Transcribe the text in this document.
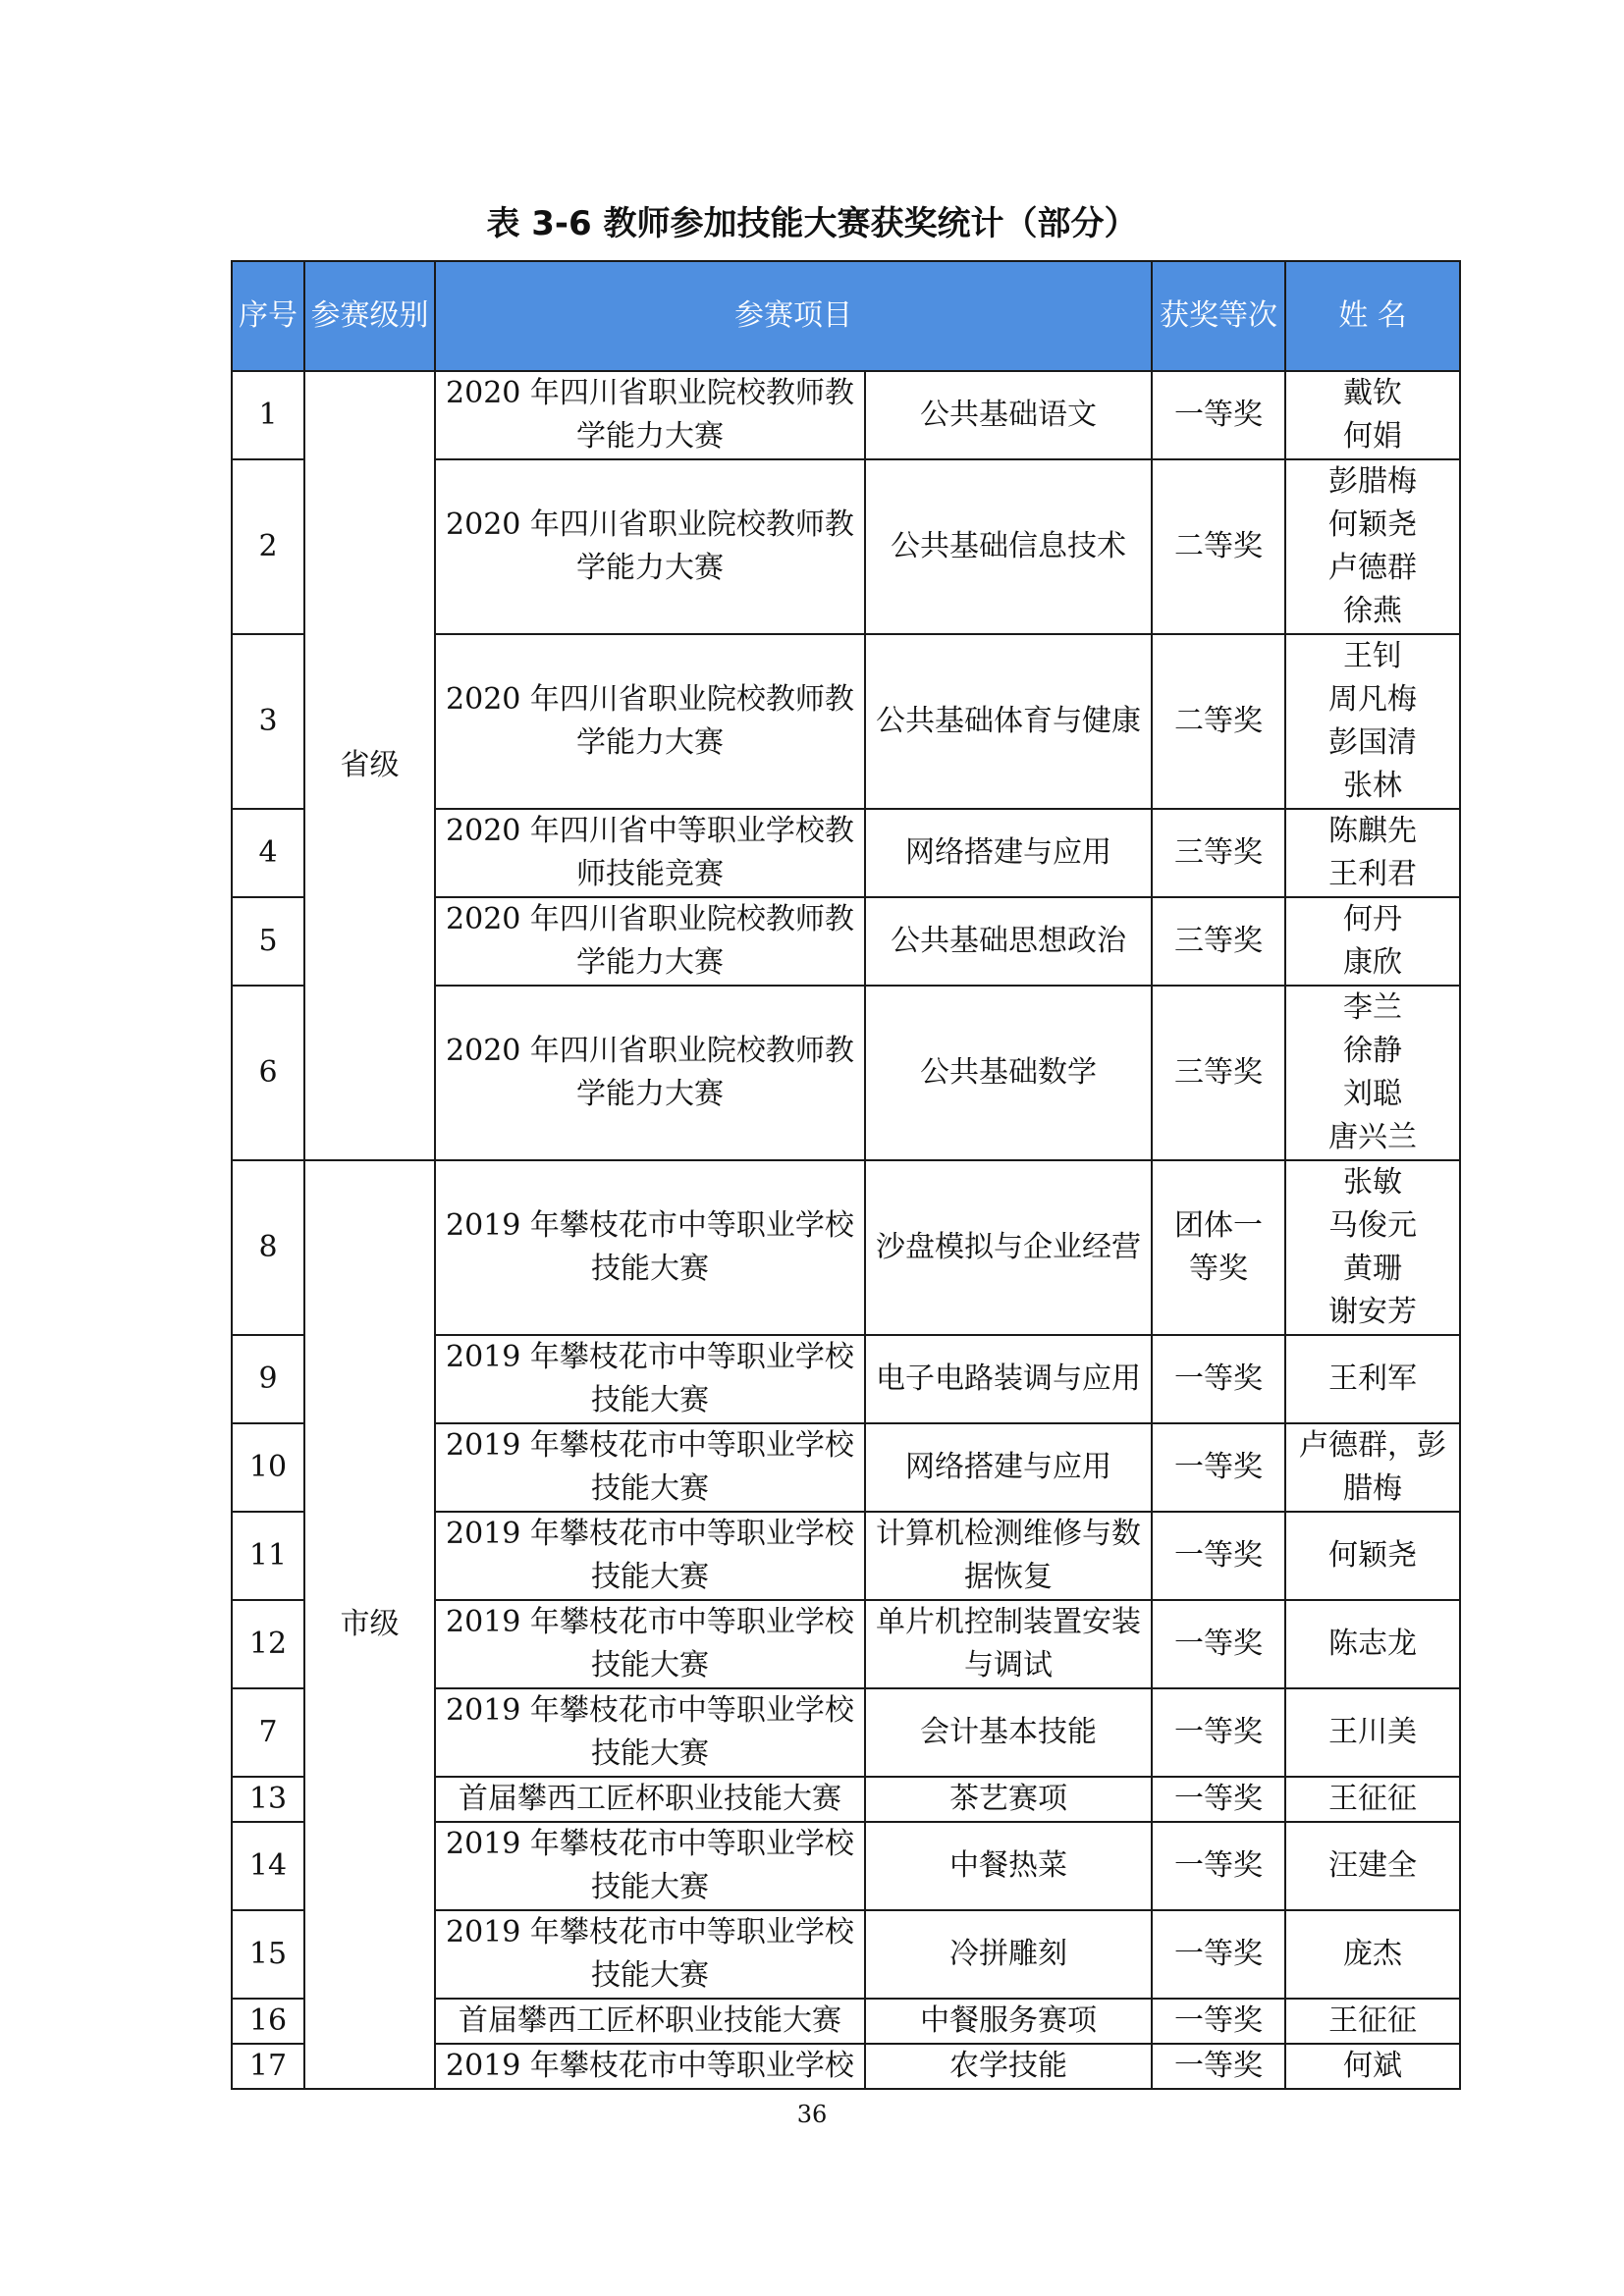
表 3-6 教师参加技能大赛获奖统计（部分）
序号	参赛级别	参赛项目		获奖等次	姓 名
1	省级	2020 年四川省职业院校教师教学能力大赛	公共基础语文	一等奖	戴钦
何娟

2		2020 年四川省职业院校教师教学能力大赛	公共基础信息技术	二等奖	彭腊梅
何颖尧
卢德群
徐燕

3		2020 年四川省职业院校教师教学能力大赛	公共基础体育与健康	二等奖	王钊
周凡梅
彭国清
张林

4		2020 年四川省中等职业学校教师技能竞赛	网络搭建与应用	三等奖	陈麒先
王利君

5		2020 年四川省职业院校教师教学能力大赛	公共基础思想政治	三等奖	何丹
康欣

6		2020 年四川省职业院校教师教学能力大赛	公共基础数学	三等奖	李兰
徐静
刘聪
唐兴兰

8	市级	2019 年攀枝花市中等职业学校技能大赛	沙盘模拟与企业经营	团体一等奖	张敏
马俊元
黄珊
谢安芳

9		2019 年攀枝花市中等职业学校技能大赛	电子电路装调与应用	一等奖	王利军

10		2019 年攀枝花市中等职业学校技能大赛	网络搭建与应用	一等奖	卢德群，彭腊梅

11		2019 年攀枝花市中等职业学校技能大赛	计算机检测维修与数据恢复	一等奖	何颖尧

12		2019 年攀枝花市中等职业学校技能大赛	单片机控制装置安装与调试	一等奖	陈志龙

7		2019 年攀枝花市中等职业学校技能大赛	会计基本技能	一等奖	王川美

13		首届攀西工匠杯职业技能大赛	茶艺赛项	一等奖	王征征

14		2019 年攀枝花市中等职业学校技能大赛	中餐热菜	一等奖	汪建全

15		2019 年攀枝花市中等职业学校技能大赛	冷拼雕刻	一等奖	庞杰

16		首届攀西工匠杯职业技能大赛	中餐服务赛项	一等奖	王征征

17		2019 年攀枝花市中等职业学校	农学技能	一等奖	何斌
36
